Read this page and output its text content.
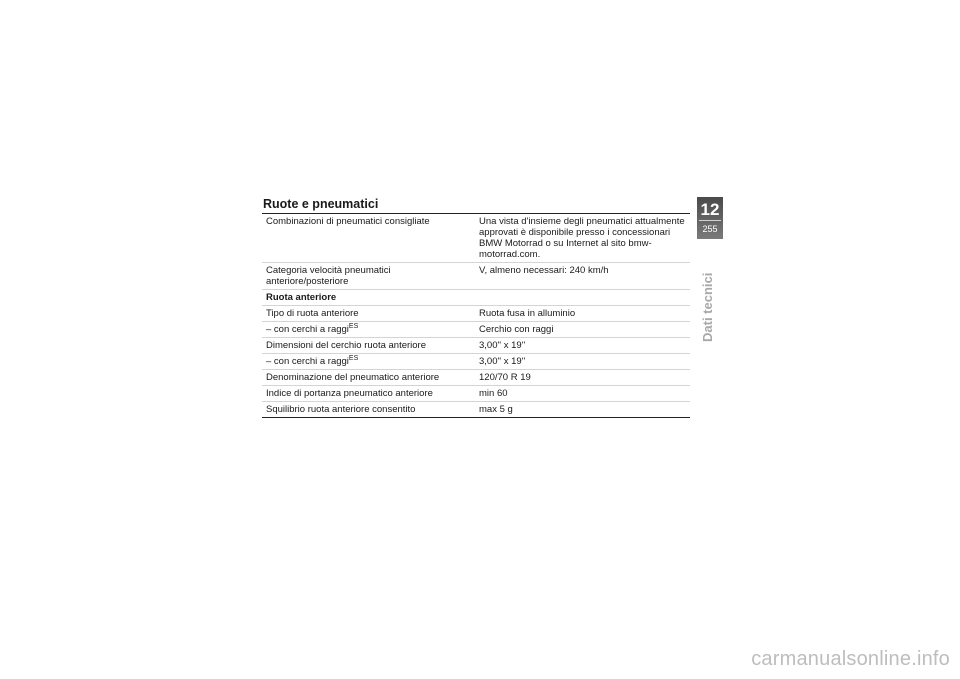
Ruote e pneumatici
Combinazioni di pneumatici consigliate	Una vista d'insieme degli pneumatici attualmente approvati è disponibile presso i concessionari BMW Motorrad o su Internet al sito bmw-motorrad.com.
Categoria velocità pneumatici anteriore/posteriore	V, almeno necessari: 240 km/h
Ruota anteriore	
Tipo di ruota anteriore	Ruota fusa in alluminio
– con cerchi a raggi$^{ES}$	Cerchio con raggi
Dimensioni del cerchio ruota anteriore	3,00'' x 19''
– con cerchi a raggi$^{ES}$	3,00'' x 19''
Denominazione del pneumatico anteriore	120/70 R 19
Indice di portanza pneumatico anteriore	min 60
Squilibrio ruota anteriore consentito	max 5 g
12
255
Dati tecnici
carmanualsonline.info
